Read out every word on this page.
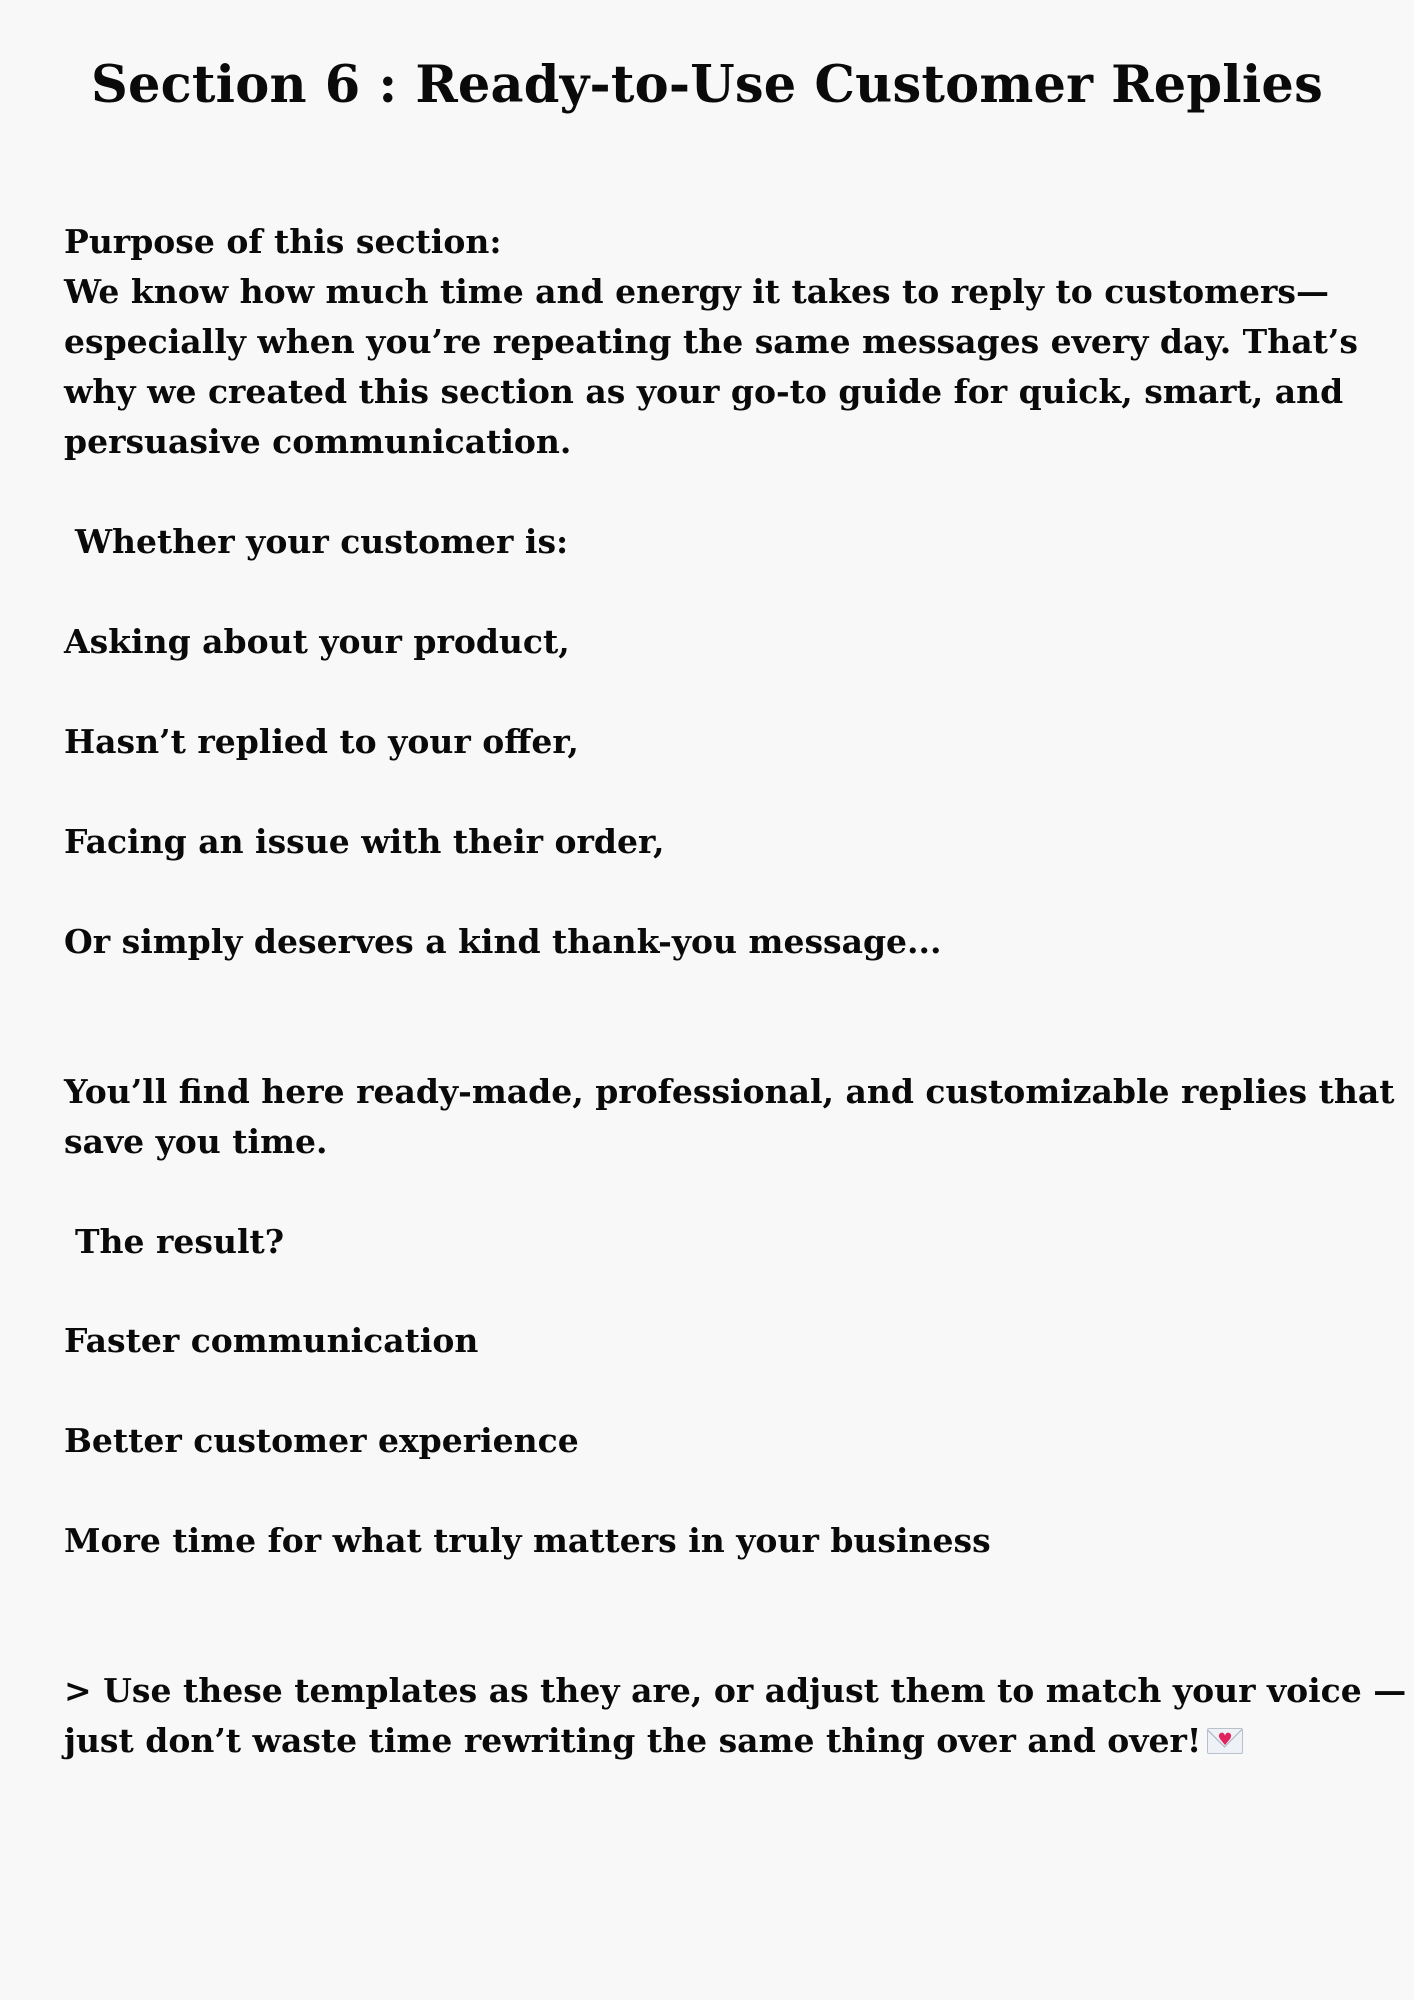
Section 6 : Ready-to-Use Customer Replies

Purpose of this section:

We know how much time and energy it takes to reply to customers—

especially when you’re repeating the same messages every day. That’s

why we created this section as your go-to guide for quick, smart, and

persuasive communication.

Whether your customer is:

Asking about your product,

Hasn’t replied to your offer,

Facing an issue with their order,

Or simply deserves a kind thank-you message...

You’ll find here ready-made, professional, and customizable replies that

save you time.

The result?

Faster communication

Better customer experience

More time for what truly matters in your business

> Use these templates as they are, or adjust them to match your voice —

just don’t waste time rewriting the same thing over and over!♥
